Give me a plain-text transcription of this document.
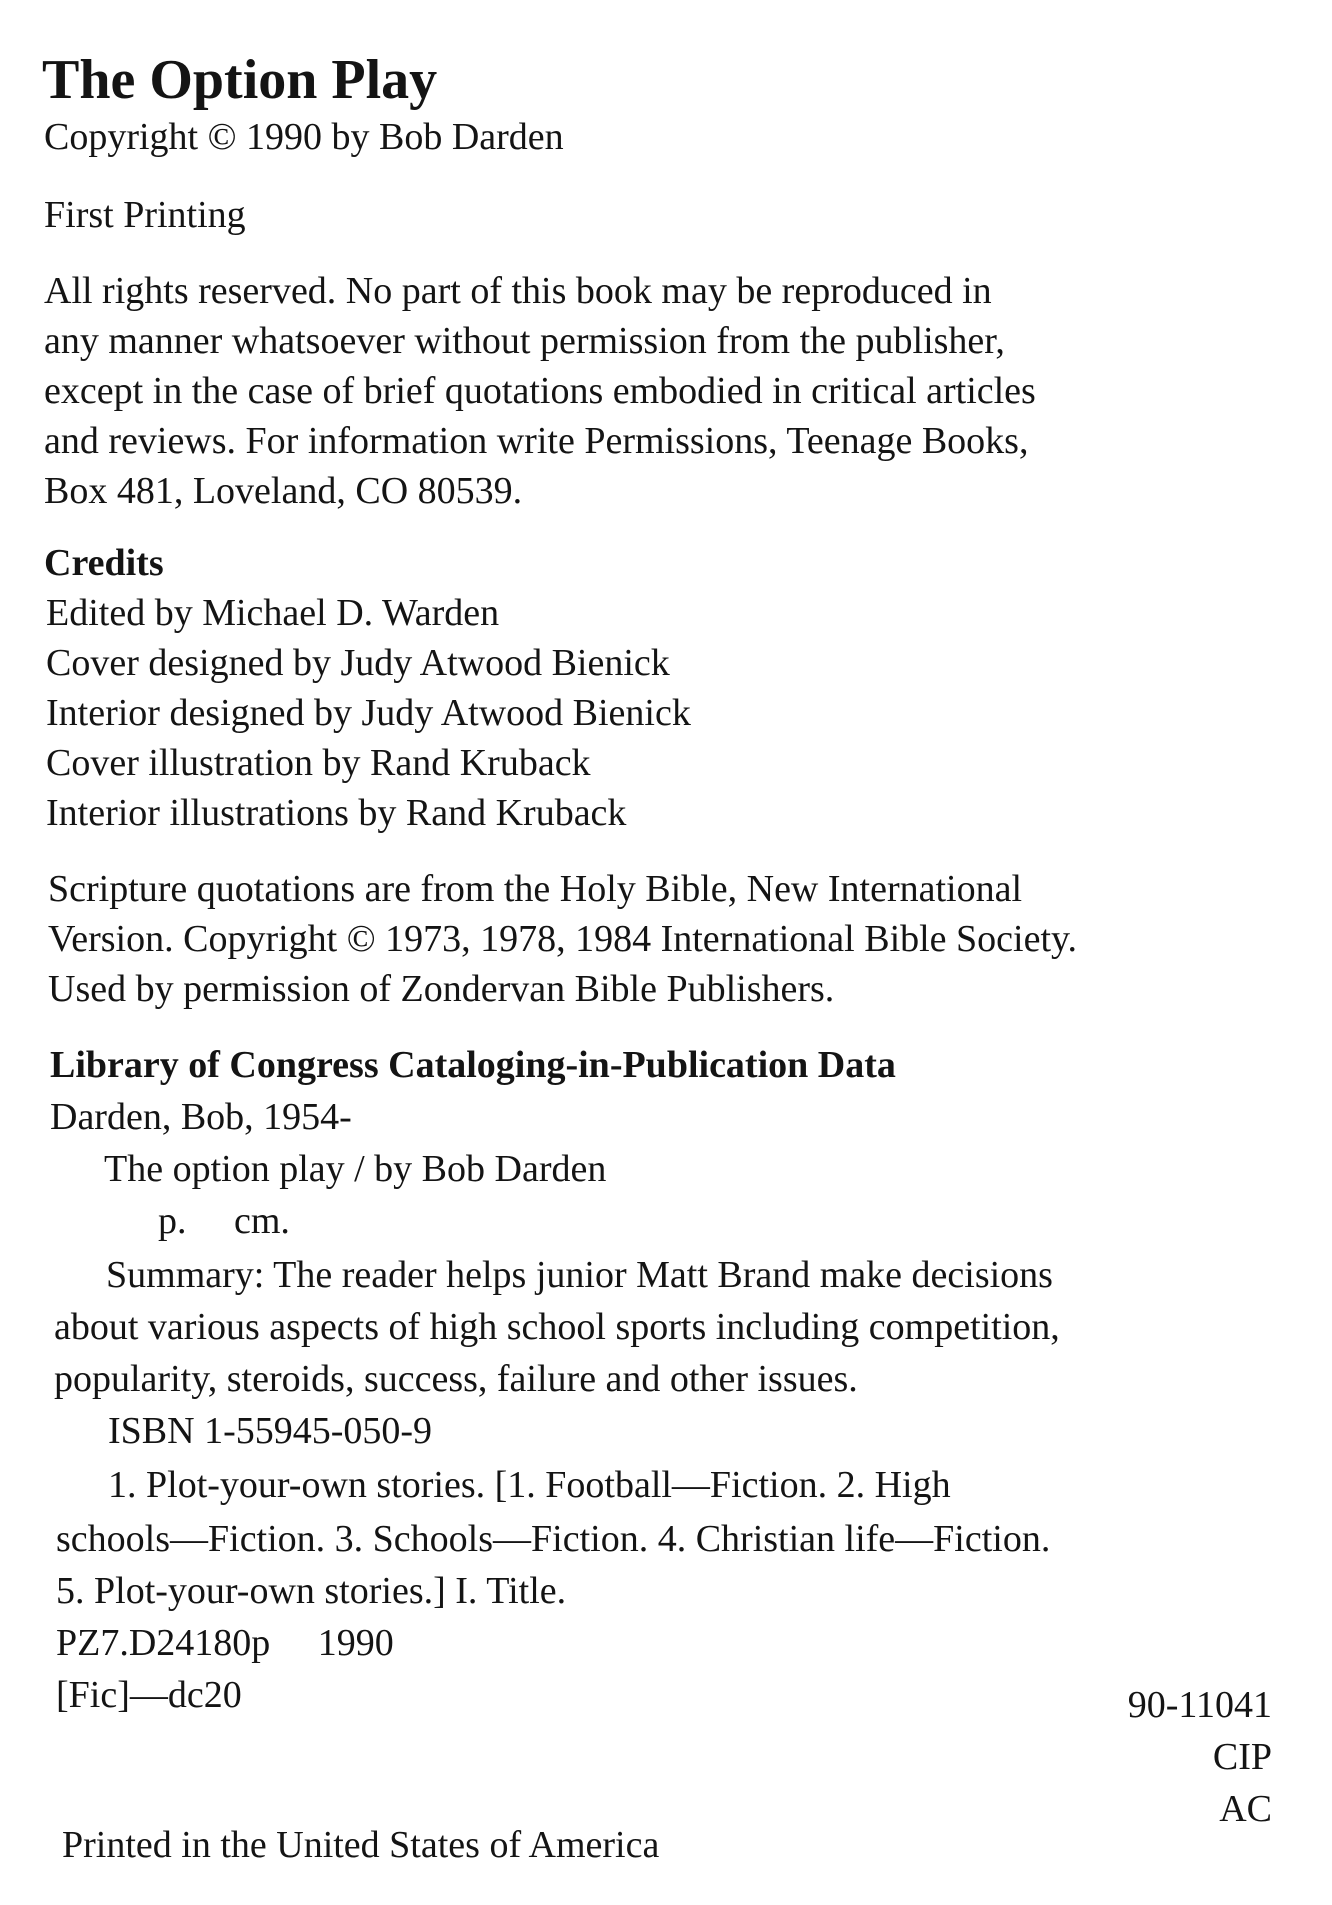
The Option Play
Copyright © 1990 by Bob Darden
First Printing
All rights reserved. No part of this book may be reproduced in
any manner whatsoever without permission from the publisher,
except in the case of brief quotations embodied in critical articles
and reviews. For information write Permissions, Teenage Books,
Box 481, Loveland, CO 80539.
Credits
Edited by Michael D. Warden
Cover designed by Judy Atwood Bienick
Interior designed by Judy Atwood Bienick
Cover illustration by Rand Kruback
Interior illustrations by Rand Kruback
Scripture quotations are from the Holy Bible, New International
Version. Copyright © 1973, 1978, 1984 International Bible Society.
Used by permission of Zondervan Bible Publishers.
Library of Congress Cataloging-in-Publication Data
Darden, Bob, 1954-
The option play / by Bob Darden
p.     cm.
Summary: The reader helps junior Matt Brand make decisions
about various aspects of high school sports including competition,
popularity, steroids, success, failure and other issues.
ISBN 1-55945-050-9
1. Plot-your-own stories. [1. Football—Fiction. 2. High
schools—Fiction. 3. Schools—Fiction. 4. Christian life—Fiction.
5. Plot-your-own stories.] I. Title.
PZ7.D24180p     1990
[Fic]—dc20	90-11041
CIP
AC
Printed in the United States of America
